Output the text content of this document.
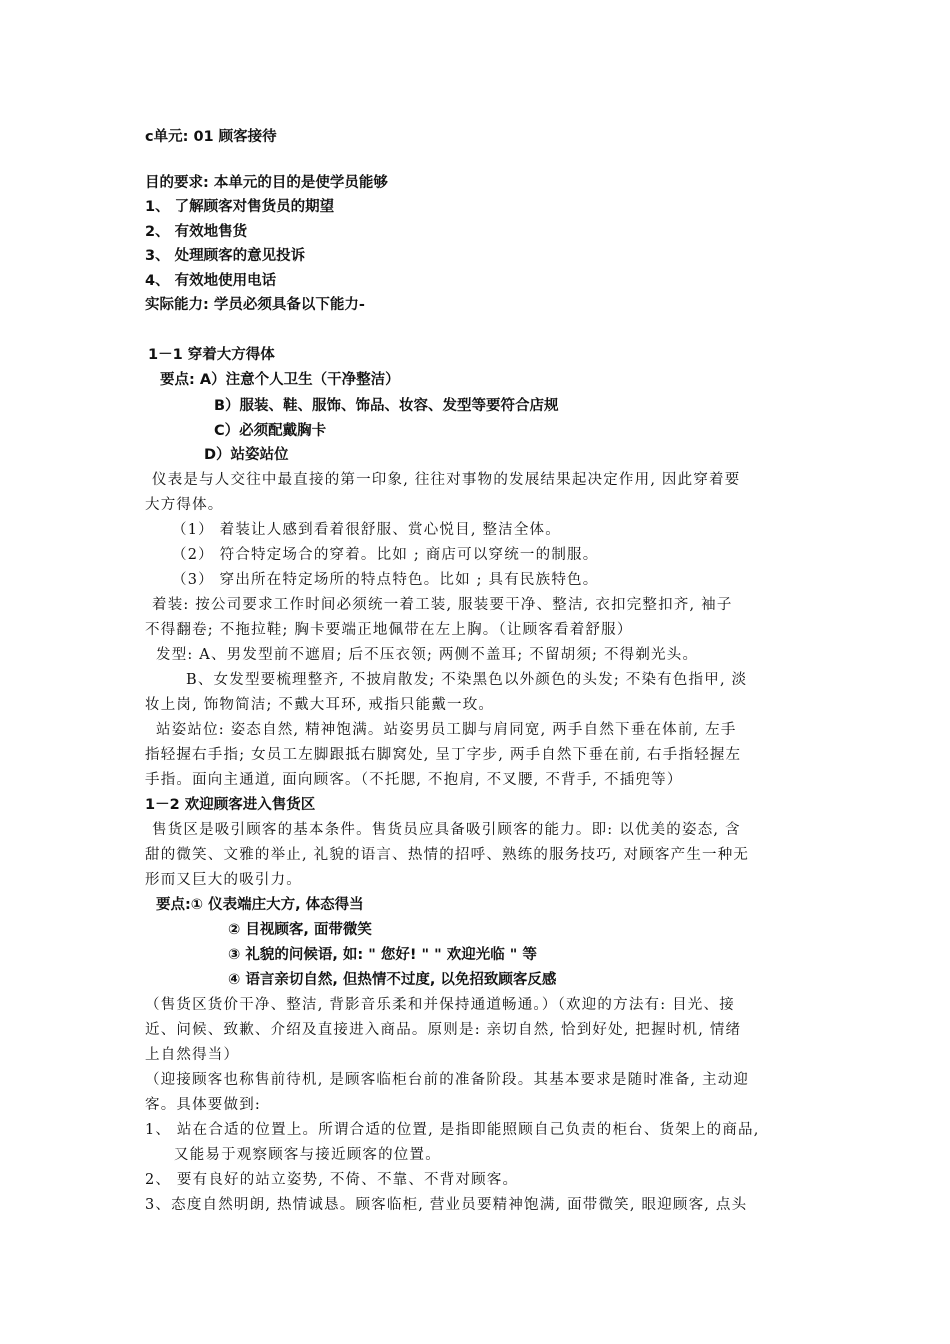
c单元: 01 顾客接待
目的要求: 本单元的目的是使学员能够
1、 了解顾客对售货员的期望
2、 有效地售货
3、 处理顾客的意见投诉
4、 有效地使用电话
实际能力: 学员必须具备以下能力-
1－1 穿着大方得体
要点: A）注意个人卫生（干净整洁）
B）服装、鞋、服饰、饰品、妆容、发型等要符合店规
C）必须配戴胸卡
D）站姿站位
仪表是与人交往中最直接的第一印象, 往往对事物的发展结果起决定作用, 因此穿着要
大方得体。
（1） 着装让人感到看着很舒服、赏心悦目, 整洁全体。
（2） 符合特定场合的穿着。比如 ; 商店可以穿统一的制服。
（3） 穿出所在特定场所的特点特色。比如 ; 具有民族特色。
着装: 按公司要求工作时间必须统一着工装, 服装要干净、整洁, 衣扣完整扣齐, 袖子
不得翻卷; 不拖拉鞋; 胸卡要端正地佩带在左上胸。（让顾客看着舒服）
发型: A、男发型前不遮眉; 后不压衣领; 两侧不盖耳; 不留胡须; 不得剃光头。
B、女发型要梳理整齐, 不披肩散发; 不染黑色以外颜色的头发; 不染有色指甲, 淡
妆上岗, 饰物简洁; 不戴大耳环, 戒指只能戴一玫。
站姿站位: 姿态自然, 精神饱满。站姿男员工脚与肩同宽, 两手自然下垂在体前, 左手
指轻握右手指; 女员工左脚跟抵右脚窝处, 呈丁字步, 两手自然下垂在前, 右手指轻握左
手指。面向主通道, 面向顾客。（不托腮, 不抱肩, 不叉腰, 不背手, 不插兜等）
1－2 欢迎顾客进入售货区
售货区是吸引顾客的基本条件。售货员应具备吸引顾客的能力。即: 以优美的姿态, 含
甜的微笑、文雅的举止, 礼貌的语言、热情的招呼、熟练的服务技巧, 对顾客产生一种无
形而又巨大的吸引力。
要点:① 仪表端庄大方, 体态得当
② 目视顾客, 面带微笑
③ 礼貌的问候语, 如: " 您好! " " 欢迎光临 " 等
④ 语言亲切自然, 但热情不过度, 以免招致顾客反感
（售货区货价干净、整洁, 背影音乐柔和并保持通道畅通。）（欢迎的方法有: 目光、接
近、问候、致歉、介绍及直接进入商品。原则是: 亲切自然, 恰到好处, 把握时机, 情绪
上自然得当）
（迎接顾客也称售前待机, 是顾客临柜台前的准备阶段。其基本要求是随时准备, 主动迎
客。具体要做到:
1、 站在合适的位置上。所谓合适的位置, 是指即能照顾自己负责的柜台、货架上的商品,
又能易于观察顾客与接近顾客的位置。
2、 要有良好的站立姿势, 不倚、不靠、不背对顾客。
3、态度自然明朗, 热情诚恳。顾客临柜, 营业员要精神饱满, 面带微笑, 眼迎顾客, 点头
